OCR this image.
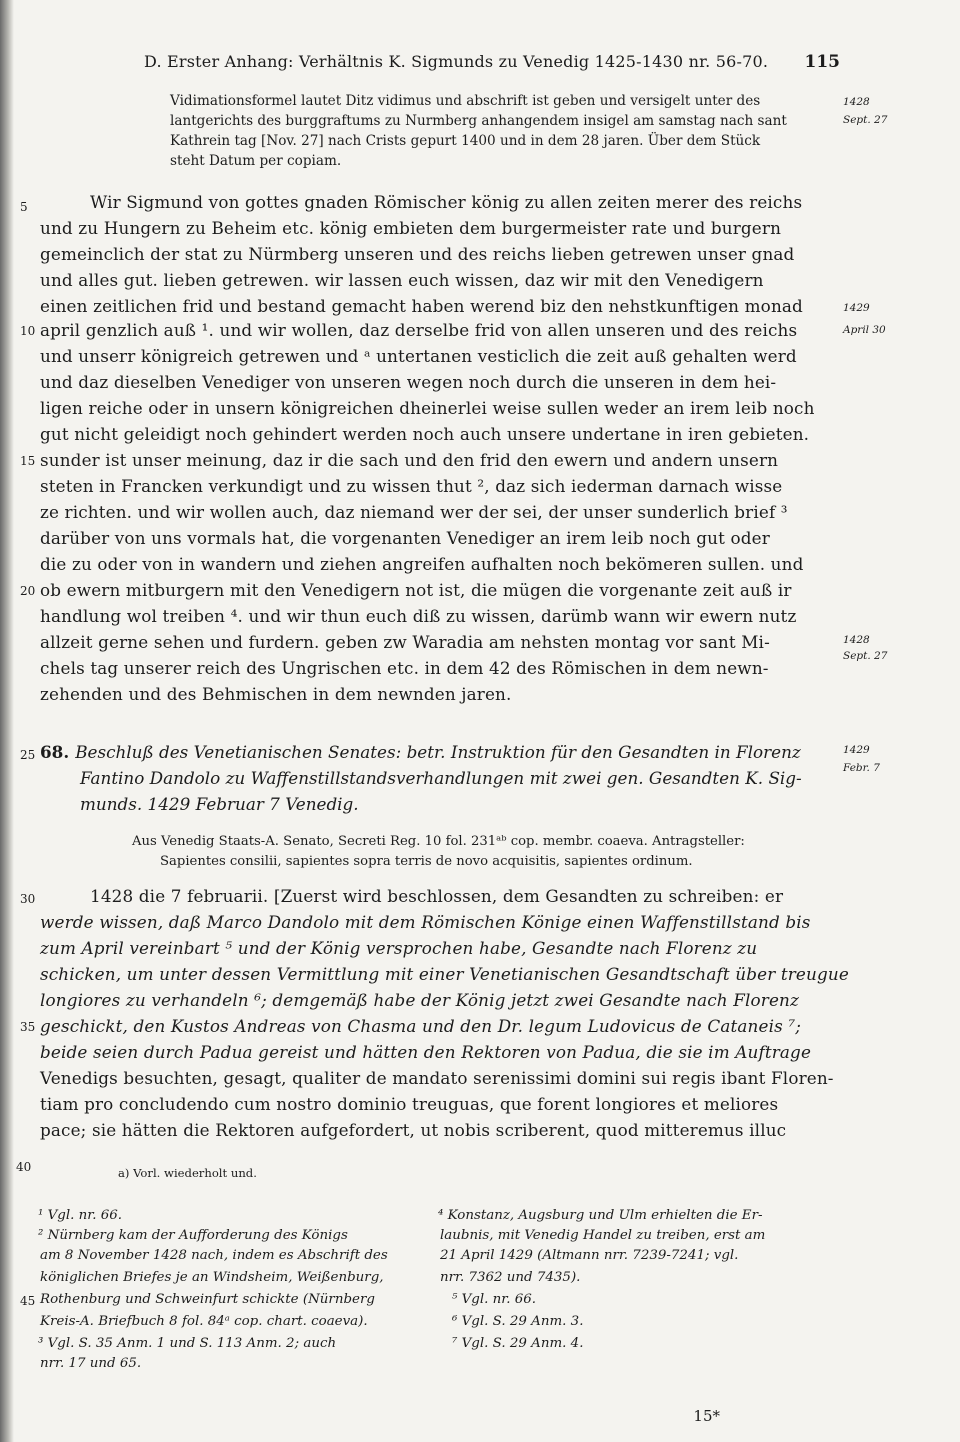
D. Erster Anhang: Verhältnis K. Sigmunds zu Venedig 1425-1430 nr. 56-70. 115
Vidimationsformel lautet Ditz vidimus und abschrift ist geben und versigelt unter des
lantgerichts des burggraftums zu Nurmberg anhangendem insigel am samstag nach sant
Kathrein tag [Nov. 27] nach Crists gepurt 1400 und in dem 28 jaren. Über dem Stück
steht Datum per copiam.
1428
Sept. 27
5	Wir Sigmund von gottes gnaden Römischer könig zu allen zeiten merer des reichs
und zu Hungern zu Beheim etc. könig embieten dem burgermeister rate und burgern
gemeinclich der stat zu Nürmberg unseren und des reichs lieben getrewen unser gnad
und alles gut. lieben getrewen. wir lassen euch wissen, daz wir mit den Venedigern
einen zeitlichen frid und bestand gemacht haben werend biz den nehstkunftigen monad	1429
10 april genzlich auß ¹. und wir wollen, daz derselbe frid von allen unseren und des reichs	April 30
und unserr königreich getrewen und ᵃ untertanen vesticlich die zeit auß gehalten werd
und daz dieselben Venediger von unseren wegen noch durch die unseren in dem hei-
ligen reiche oder in unsern königreichen dheinerlei weise sullen weder an irem leib noch
gut nicht geleidigt noch gehindert werden noch auch unsere undertane in iren gebieten.
15 sunder ist unser meinung, daz ir die sach und den frid den ewern und andern unsern
steten in Francken verkundigt und zu wissen thut ², daz sich iederman darnach wisse
ze richten. und wir wollen auch, daz niemand wer der sei, der unser sunderlich brief ³
darüber von uns vormals hat, die vorgenanten Venediger an irem leib noch gut oder
die zu oder von in wandern und ziehen angreifen aufhalten noch bekömeren sullen. und
20 ob ewern mitburgern mit den Venedigern not ist, die mügen die vorgenante zeit auß ir
handlung wol treiben ⁴. und wir thun euch diß zu wissen, darümb wann wir ewern nutz
allzeit gerne sehen und furdern. geben zw Waradia am nehsten montag vor sant Mi-	1428
Sept. 27
chels tag unserer reich des Ungrischen etc. in dem 42 des Römischen in dem newn-
zehenden und des Behmischen in dem newnden jaren.
25 68. Beschluß des Venetianischen Senates: betr. Instruktion für den Gesandten in Florenz
Fantino Dandolo zu Waffenstillstandsverhandlungen mit zwei gen. Gesandten K. Sig-
munds. 1429 Februar 7 Venedig.
1429
Febr. 7
Aus Venedig Staats-A. Senato, Secreti Reg. 10 fol. 231ᵃᵇ cop. membr. coaeva. Antragsteller:
Sapientes consilii, sapientes sopra terris de novo acquisitis, sapientes ordinum.
30	1428 die 7 februarii. [Zuerst wird beschlossen, dem Gesandten zu schreiben: er
werde wissen, daß Marco Dandolo mit dem Römischen Könige einen Waffenstillstand bis
zum April vereinbart ⁵ und der König versprochen habe, Gesandte nach Florenz zu
schicken, um unter dessen Vermittlung mit einer Venetianischen Gesandtschaft über treugue
longiores zu verhandeln ⁶; demgemäß habe der König jetzt zwei Gesandte nach Florenz
35 geschickt, den Kustos Andreas von Chasma und den Dr. legum Ludovicus de Cataneis ⁷;
beide seien durch Padua gereist und hätten den Rektoren von Padua, die sie im Auftrage
Venedigs besuchten, gesagt, qualiter de mandato serenissimi domini sui regis ibant Floren-
tiam pro concludendo cum nostro dominio treuguas, que forent longiores et meliores
pace; sie hätten die Rektoren aufgefordert, ut nobis scriberent, quod mitteremus illuc
40	a) Vorl. wiederholt und.
¹ Vgl. nr. 66.
² Nürnberg kam der Aufforderung des Königs
am 8 November 1428 nach, indem es Abschrift des
königlichen Briefes je an Windsheim, Weißenburg,
45 Rothenburg und Schweinfurt schickte (Nürnberg
Kreis-A. Briefbuch 8 fol. 84ᵃ cop. chart. coaeva).
³ Vgl. S. 35 Anm. 1 und S. 113 Anm. 2; auch
nrr. 17 und 65.
⁴ Konstanz, Augsburg und Ulm erhielten die Er-
laubnis, mit Venedig Handel zu treiben, erst am
21 April 1429 (Altmann nrr. 7239-7241; vgl.
nrr. 7362 und 7435).
⁵ Vgl. nr. 66.
⁶ Vgl. S. 29 Anm. 3.
⁷ Vgl. S. 29 Anm. 4.
15*
